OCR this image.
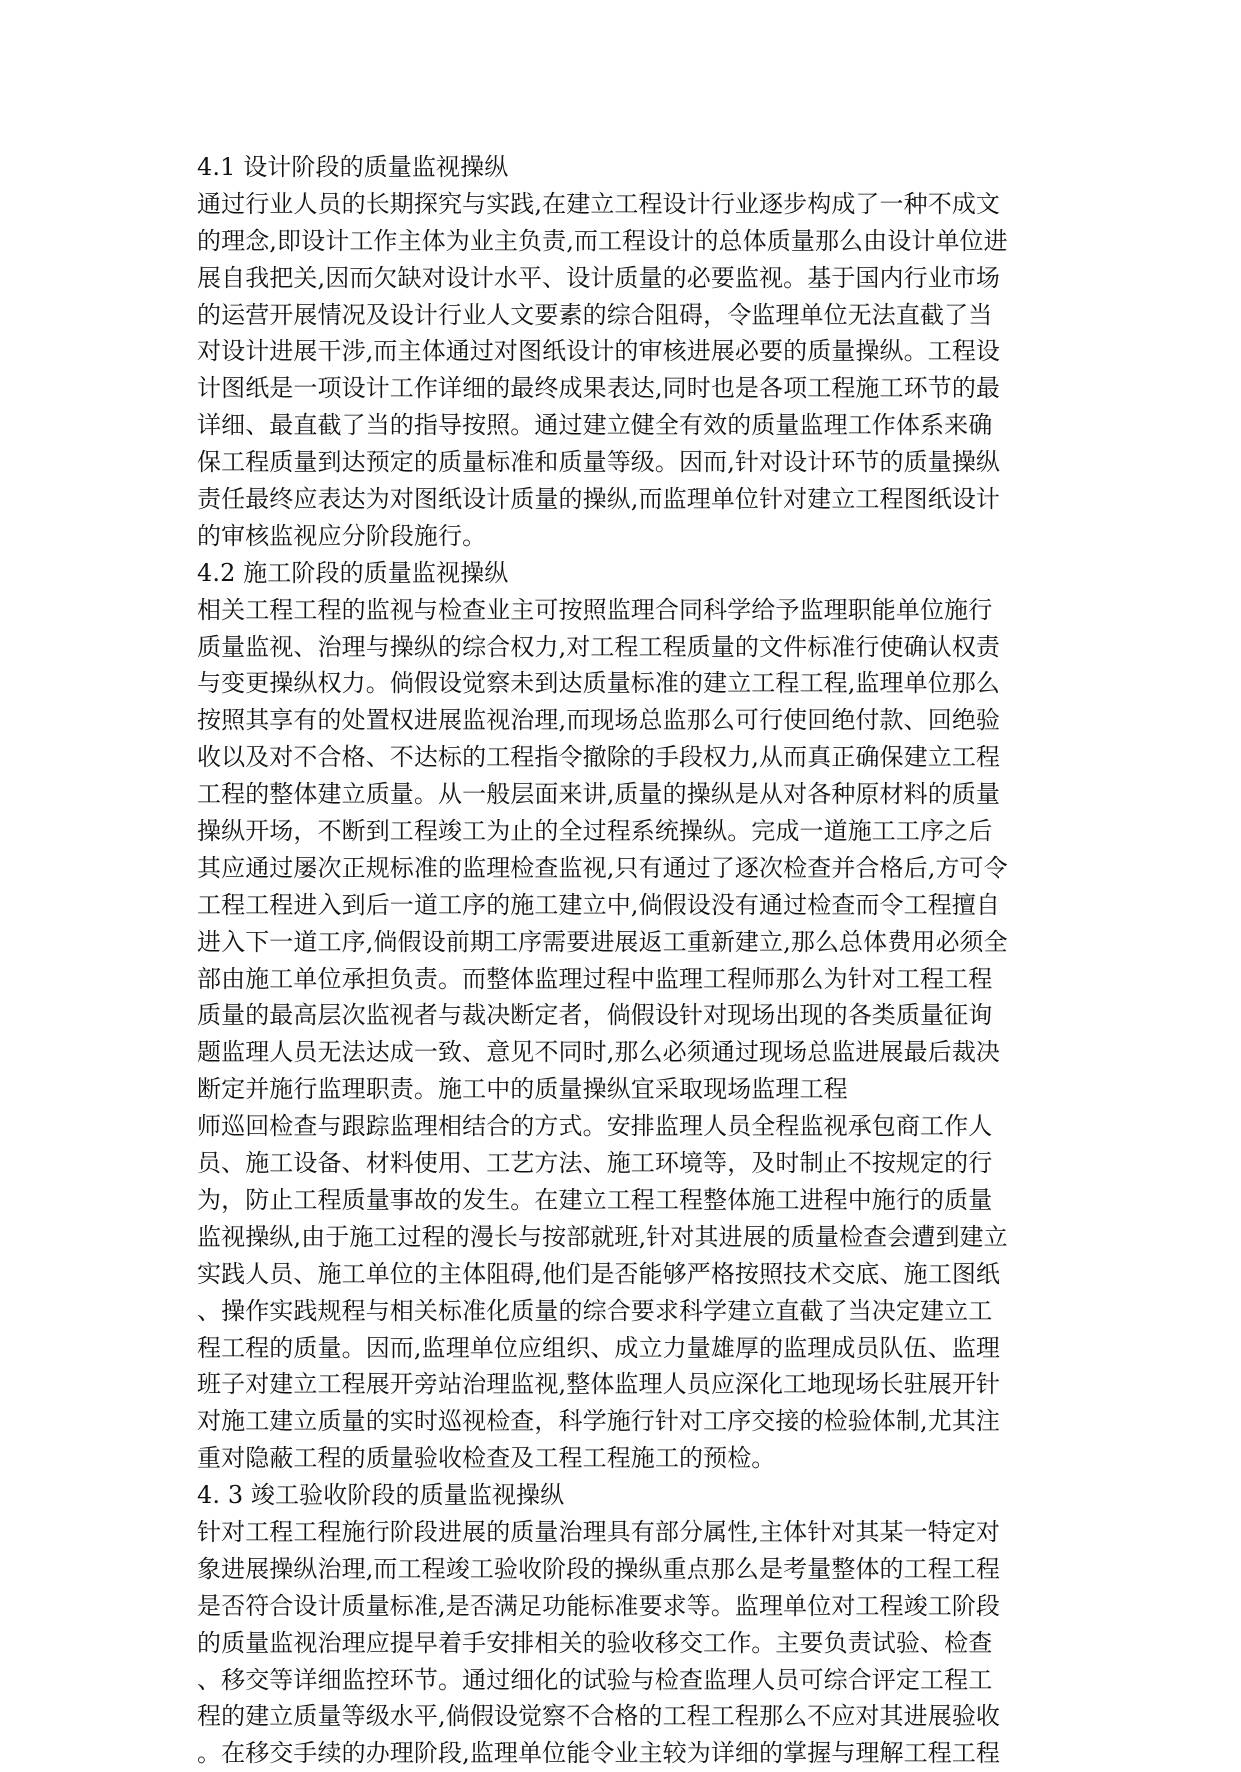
4.1 设计阶段的质量监视操纵
通过行业人员的长期探究与实践,在建立工程设计行业逐步构成了一种不成文
的理念,即设计工作主体为业主负责,而工程设计的总体质量那么由设计单位进
展自我把关,因而欠缺对设计水平、设计质量的必要监视。基于国内行业市场
的运营开展情况及设计行业人文要素的综合阻碍，令监理单位无法直截了当
对设计进展干涉,而主体通过对图纸设计的审核进展必要的质量操纵。工程设
计图纸是一项设计工作详细的最终成果表达,同时也是各项工程施工环节的最
详细、最直截了当的指导按照。通过建立健全有效的质量监理工作体系来确
保工程质量到达预定的质量标准和质量等级。因而,针对设计环节的质量操纵
责任最终应表达为对图纸设计质量的操纵,而监理单位针对建立工程图纸设计
的审核监视应分阶段施行。
4.2 施工阶段的质量监视操纵
相关工程工程的监视与检查业主可按照监理合同科学给予监理职能单位施行
质量监视、治理与操纵的综合权力,对工程工程质量的文件标准行使确认权责
与变更操纵权力。倘假设觉察未到达质量标准的建立工程工程,监理单位那么
按照其享有的处置权进展监视治理,而现场总监那么可行使回绝付款、回绝验
收以及对不合格、不达标的工程指令撤除的手段权力,从而真正确保建立工程
工程的整体建立质量。从一般层面来讲,质量的操纵是从对各种原材料的质量
操纵开场，不断到工程竣工为止的全过程系统操纵。完成一道施工工序之后
其应通过屡次正规标准的监理检查监视,只有通过了逐次检查并合格后,方可令
工程工程进入到后一道工序的施工建立中,倘假设没有通过检查而令工程擅自
进入下一道工序,倘假设前期工序需要进展返工重新建立,那么总体费用必须全
部由施工单位承担负责。而整体监理过程中监理工程师那么为针对工程工程
质量的最高层次监视者与裁决断定者，倘假设针对现场出现的各类质量征询
题监理人员无法达成一致、意见不同时,那么必须通过现场总监进展最后裁决
断定并施行监理职责。施工中的质量操纵宜采取现场监理工程
师巡回检查与跟踪监理相结合的方式。安排监理人员全程监视承包商工作人
员、施工设备、材料使用、工艺方法、施工环境等，及时制止不按规定的行
为，防止工程质量事故的发生。在建立工程工程整体施工进程中施行的质量
监视操纵,由于施工过程的漫长与按部就班,针对其进展的质量检查会遭到建立
实践人员、施工单位的主体阻碍,他们是否能够严格按照技术交底、施工图纸
、操作实践规程与相关标准化质量的综合要求科学建立直截了当决定建立工
程工程的质量。因而,监理单位应组织、成立力量雄厚的监理成员队伍、监理
班子对建立工程展开旁站治理监视,整体监理人员应深化工地现场长驻展开针
对施工建立质量的实时巡视检查，科学施行针对工序交接的检验体制,尤其注
重对隐蔽工程的质量验收检查及工程工程施工的预检。
4. 3 竣工验收阶段的质量监视操纵
针对工程工程施行阶段进展的质量治理具有部分属性,主体针对其某一特定对
象进展操纵治理,而工程竣工验收阶段的操纵重点那么是考量整体的工程工程
是否符合设计质量标准,是否满足功能标准要求等。监理单位对工程竣工阶段
的质量监视治理应提早着手安排相关的验收移交工作。主要负责试验、检查
、移交等详细监控环节。通过细化的试验与检查监理人员可综合评定工程工
程的建立质量等级水平,倘假设觉察不合格的工程工程那么不应对其进展验收
。在移交手续的办理阶段,监理单位能令业主较为详细的掌握与理解工程工程
